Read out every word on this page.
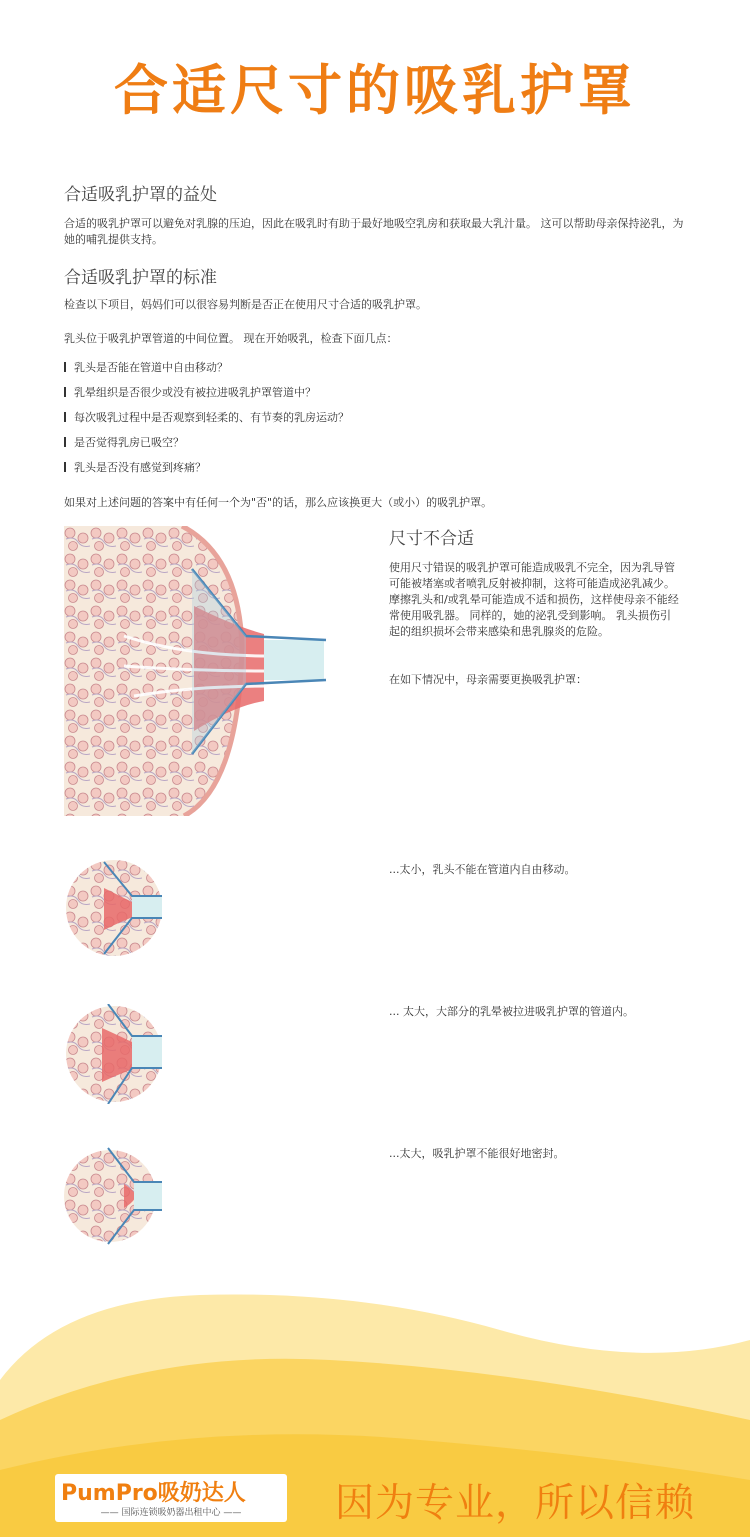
合适尺寸的吸乳护罩
合适吸乳护罩的益处
合适的吸乳护罩可以避免对乳腺的压迫，因此在吸乳时有助于最好地吸空乳房和获取最大乳汁量。 这可以帮助母亲保持泌乳，为她的哺乳提供支持。
合适吸乳护罩的标准
检查以下项目，妈妈们可以很容易判断是否正在使用尺寸合适的吸乳护罩。
乳头位于吸乳护罩管道的中间位置。 现在开始吸乳，检查下面几点：
乳头是否能在管道中自由移动？
乳晕组织是否很少或没有被拉进吸乳护罩管道中？
每次吸乳过程中是否观察到轻柔的、有节奏的乳房运动？
是否觉得乳房已吸空？
乳头是否没有感觉到疼痛？
如果对上述问题的答案中有任何一个为"否"的话，那么应该换更大（或小）的吸乳护罩。
尺寸不合适
使用尺寸错误的吸乳护罩可能造成吸乳不完全，因为乳导管可能被堵塞或者喷乳反射被抑制，这将可能造成泌乳减少。 摩擦乳头和/或乳晕可能造成不适和损伤，这样使母亲不能经常使用吸乳器。 同样的，她的泌乳受到影响。 乳头损伤引起的组织损坏会带来感染和患乳腺炎的危险。
在如下情况中，母亲需要更换吸乳护罩：
...太小，乳头不能在管道内自由移动。
... 太大，大部分的乳晕被拉进吸乳护罩的管道内。
...太大，吸乳护罩不能很好地密封。
PumPro吸奶达人
—— 国际连锁吸奶器出租中心 ——	因为专业，所以信赖
